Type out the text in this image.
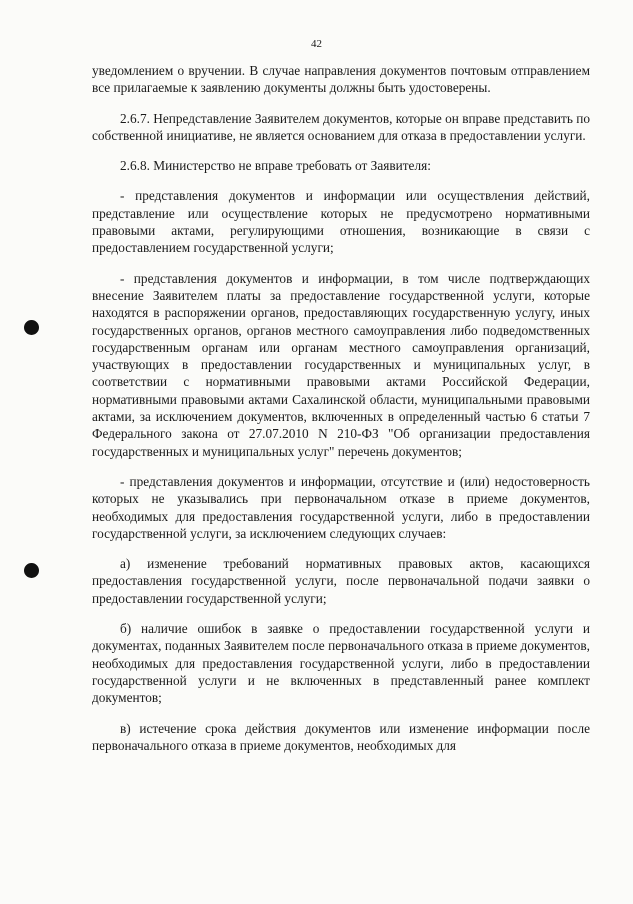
42

уведомлением о вручении. В случае направления документов почтовым отправлением все прилагаемые к заявлению документы должны быть удостоверены.

2.6.7. Непредставление Заявителем документов, которые он вправе представить по собственной инициативе, не является основанием для отказа в предоставлении услуги.

2.6.8. Министерство не вправе требовать от Заявителя:

- представления документов и информации или осуществления действий, представление или осуществление которых не предусмотрено нормативными правовыми актами, регулирующими отношения, возникающие в связи с предоставлением государственной услуги;

- представления документов и информации, в том числе подтверждающих внесение Заявителем платы за предоставление государственной услуги, которые находятся в распоряжении органов, предоставляющих государственную услугу, иных государственных органов, органов местного самоуправления либо подведомственных государственным органам или органам местного самоуправления организаций, участвующих в предоставлении государственных и муниципальных услуг, в соответствии с нормативными правовыми актами Российской Федерации, нормативными правовыми актами Сахалинской области, муниципальными правовыми актами, за исключением документов, включенных в определенный частью 6 статьи 7 Федерального закона от 27.07.2010 N 210-ФЗ "Об организации предоставления государственных и муниципальных услуг" перечень документов;

- представления документов и информации, отсутствие и (или) недостоверность которых не указывались при первоначальном отказе в приеме документов, необходимых для предоставления государственной услуги, либо в предоставлении государственной услуги, за исключением следующих случаев:

а) изменение требований нормативных правовых актов, касающихся предоставления государственной услуги, после первоначальной подачи заявки о предоставлении государственной услуги;

б) наличие ошибок в заявке о предоставлении государственной услуги и документах, поданных Заявителем после первоначального отказа в приеме документов, необходимых для предоставления государственной услуги, либо в предоставлении государственной услуги и не включенных в представленный ранее комплект документов;

в) истечение срока действия документов или изменение информации после первоначального отказа в приеме документов, необходимых для
